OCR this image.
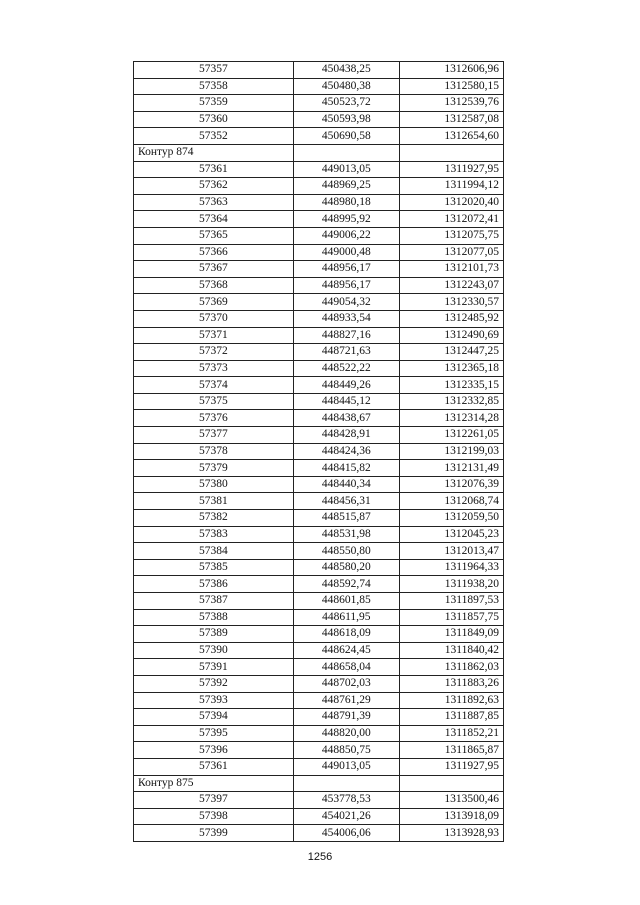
57357	450438,25	1312606,96
57358	450480,38	1312580,15
57359	450523,72	1312539,76
57360	450593,98	1312587,08
57352	450690,58	1312654,60
Контур 874		
57361	449013,05	1311927,95
57362	448969,25	1311994,12
57363	448980,18	1312020,40
57364	448995,92	1312072,41
57365	449006,22	1312075,75
57366	449000,48	1312077,05
57367	448956,17	1312101,73
57368	448956,17	1312243,07
57369	449054,32	1312330,57
57370	448933,54	1312485,92
57371	448827,16	1312490,69
57372	448721,63	1312447,25
57373	448522,22	1312365,18
57374	448449,26	1312335,15
57375	448445,12	1312332,85
57376	448438,67	1312314,28
57377	448428,91	1312261,05
57378	448424,36	1312199,03
57379	448415,82	1312131,49
57380	448440,34	1312076,39
57381	448456,31	1312068,74
57382	448515,87	1312059,50
57383	448531,98	1312045,23
57384	448550,80	1312013,47
57385	448580,20	1311964,33
57386	448592,74	1311938,20
57387	448601,85	1311897,53
57388	448611,95	1311857,75
57389	448618,09	1311849,09
57390	448624,45	1311840,42
57391	448658,04	1311862,03
57392	448702,03	1311883,26
57393	448761,29	1311892,63
57394	448791,39	1311887,85
57395	448820,00	1311852,21
57396	448850,75	1311865,87
57361	449013,05	1311927,95
Контур 875		
57397	453778,53	1313500,46
57398	454021,26	1313918,09
57399	454006,06	1313928,93
1256
